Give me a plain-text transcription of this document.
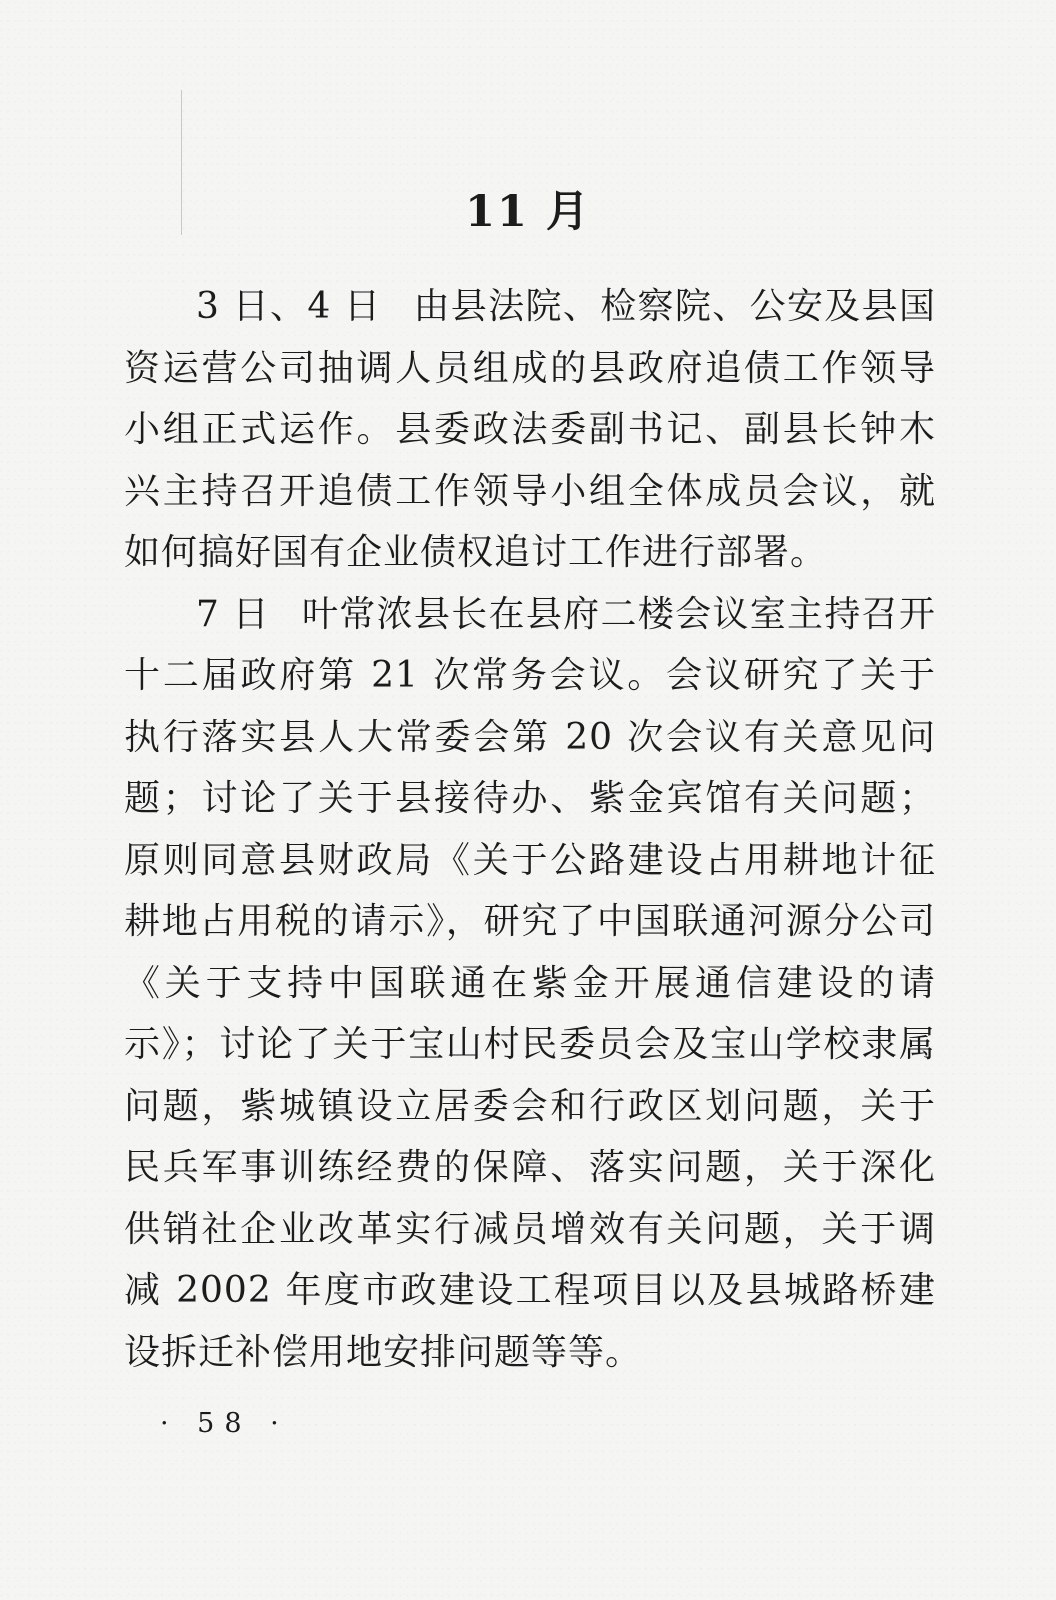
11 月

3 日、4 日 由县法院、检察院、公安及县国资运营公司抽调人员组成的县政府追债工作领导小组正式运作。县委政法委副书记、副县长钟木兴主持召开追债工作领导小组全体成员会议，就如何搞好国有企业债权追讨工作进行部署。

7 日 叶常浓县长在县府二楼会议室主持召开十二届政府第 21 次常务会议。会议研究了关于执行落实县人大常委会第 20 次会议有关意见问题；讨论了关于县接待办、紫金宾馆有关问题；原则同意县财政局《关于公路建设占用耕地计征耕地占用税的请示》，研究了中国联通河源分公司《关于支持中国联通在紫金开展通信建设的请示》；讨论了关于宝山村民委员会及宝山学校隶属问题，紫城镇设立居委会和行政区划问题，关于民兵军事训练经费的保障、落实问题，关于深化供销社企业改革实行减员增效有关问题，关于调减 2002 年度市政建设工程项目以及县城路桥建设拆迁补偿用地安排问题等等。

· 58 ·
